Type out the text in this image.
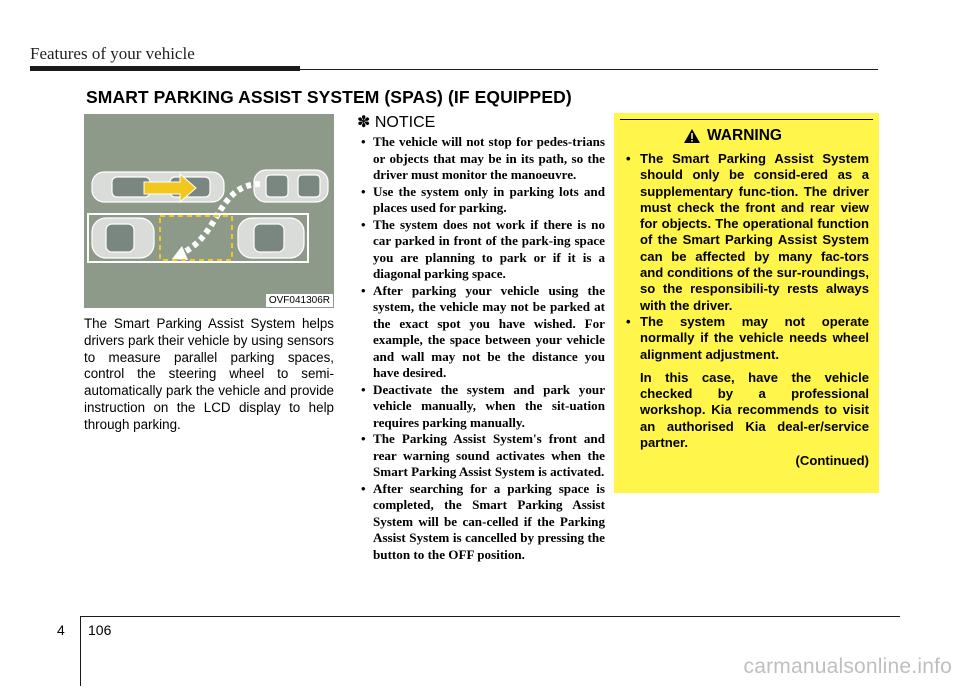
Features of your vehicle
SMART PARKING ASSIST SYSTEM (SPAS) (IF EQUIPPED)
OVF041306R
The Smart Parking Assist System helps drivers park their vehicle by using sensors to measure parallel parking spaces, control the steering wheel to semi-automatically park the vehicle and provide instruction on the LCD display to help through parking.
✽ NOTICE
• The vehicle will not stop for pedes-trians or objects that may be in its path, so the driver must monitor the manoeuvre.
• Use the system only in parking lots and places used for parking.
• The system does not work if there is no car parked in front of the park-ing space you are planning to park or if it is a diagonal parking space.
• After parking your vehicle using the system, the vehicle may not be parked at the exact spot you have wished. For example, the space between your vehicle and wall may not be the distance you have desired.
• Deactivate the system and park your vehicle manually, when the sit-uation requires parking manually.
• The Parking Assist System's front and rear warning sound activates when the Smart Parking Assist System is activated.
• After searching for a parking space is completed, the Smart Parking Assist System will be can-celled if the Parking Assist System is cancelled by pressing the button to the OFF position.
WARNING
• The Smart Parking Assist System should only be consid-ered as a supplementary func-tion. The driver must check the front and rear view for objects. The operational function of the Smart Parking Assist System can be affected by many fac-tors and conditions of the sur-roundings, so the responsibili-ty rests always with the driver.
• The system may not operate normally if the vehicle needs wheel alignment adjustment.
In this case, have the vehicle checked by a professional workshop. Kia recommends to visit an authorised Kia deal-er/service partner.
(Continued)
4 106
carmanualsonline.info
